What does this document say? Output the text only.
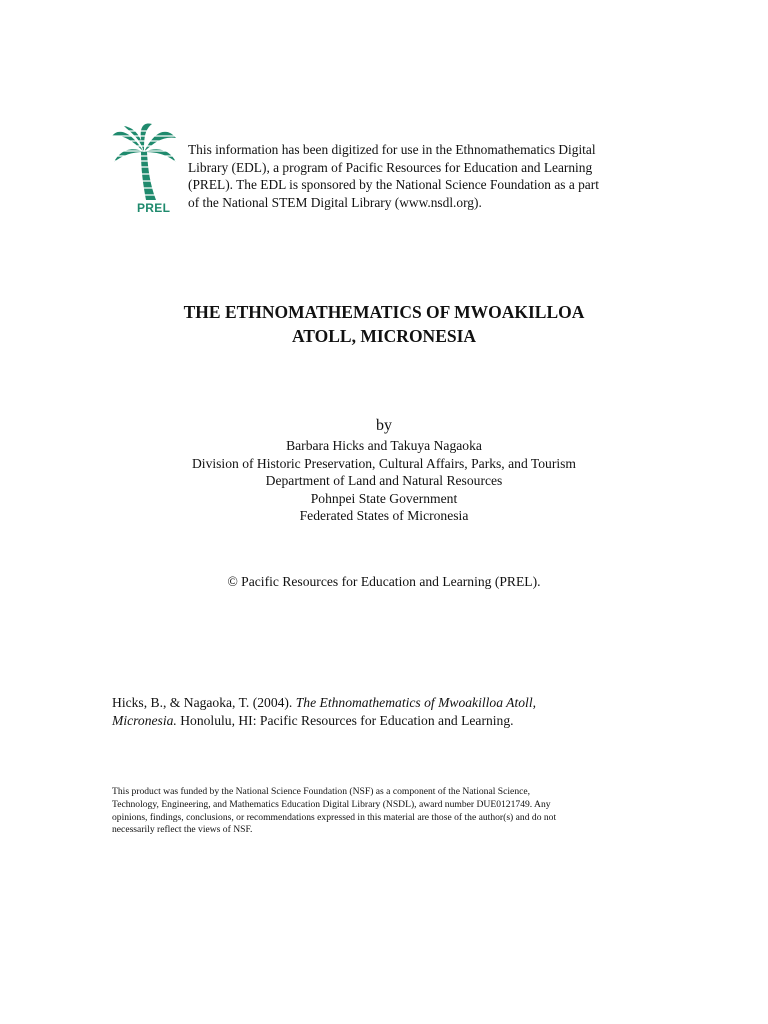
PREL
This information has been digitized for use in the Ethnomathematics Digital
Library (EDL), a program of Pacific Resources for Education and Learning
(PREL). The EDL is sponsored by the National Science Foundation as a part
of the National STEM Digital Library (www.nsdl.org).
THE ETHNOMATHEMATICS OF MWOAKILLOA
ATOLL, MICRONESIA
by
Barbara Hicks and Takuya Nagaoka
Division of Historic Preservation, Cultural Affairs, Parks, and Tourism
Department of Land and Natural Resources
Pohnpei State Government
Federated States of Micronesia
© Pacific Resources for Education and Learning (PREL).
Hicks, B., & Nagaoka, T. (2004). The Ethnomathematics of Mwoakilloa Atoll,
Micronesia. Honolulu, HI: Pacific Resources for Education and Learning.
This product was funded by the National Science Foundation (NSF) as a component of the National Science,
Technology, Engineering, and Mathematics Education Digital Library (NSDL), award number DUE0121749. Any
opinions, findings, conclusions, or recommendations expressed in this material are those of the author(s) and do not
necessarily reflect the views of NSF.
